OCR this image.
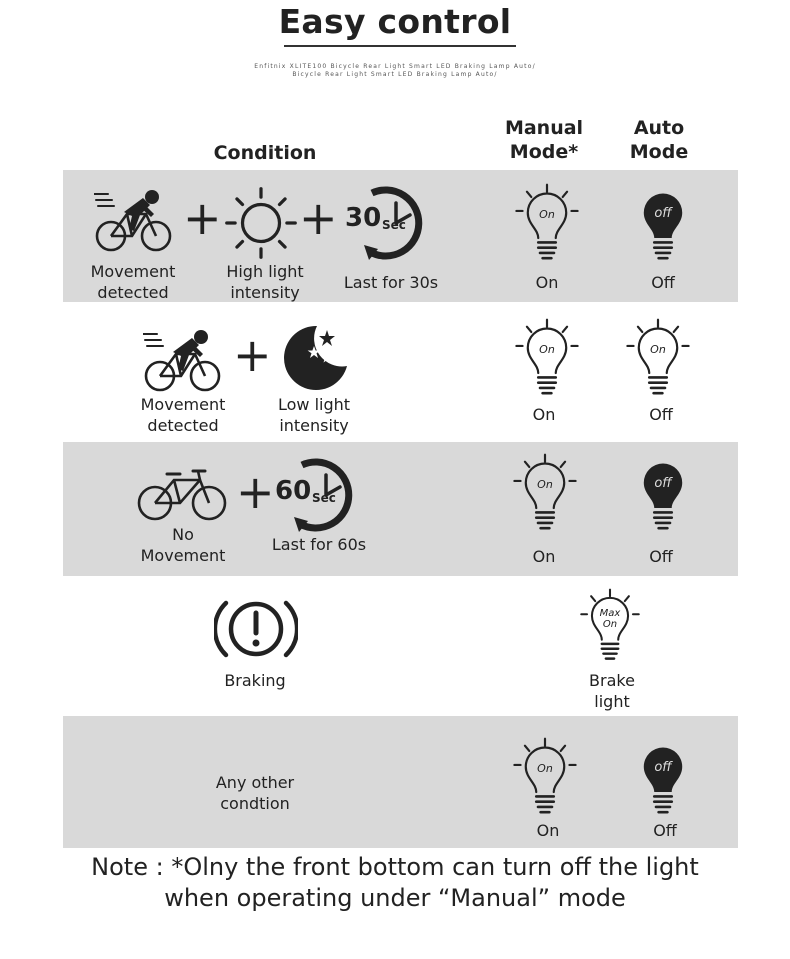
Easy control
Enfitnix XLITE100 Bicycle Rear Light Smart LED Braking Lamp Auto/
Bicycle Rear Light Smart LED Braking Lamp Auto/
Condition
Manual
Mode*
Auto
Mode
+ + 30 Sec
Movement
detected
High light
intensity
Last for 30s
On
On
off
Off
+
Movement
detected
Low light
intensity
On
On
On
Off
+ 60 Sec
No
Movement
Last for 60s
On
On
off
Off
Braking
Max
On
Brake
light
Any other
condtion
On
On
off
Off
Note : *Olny the front bottom can turn off the light
when operating under “Manual” mode
